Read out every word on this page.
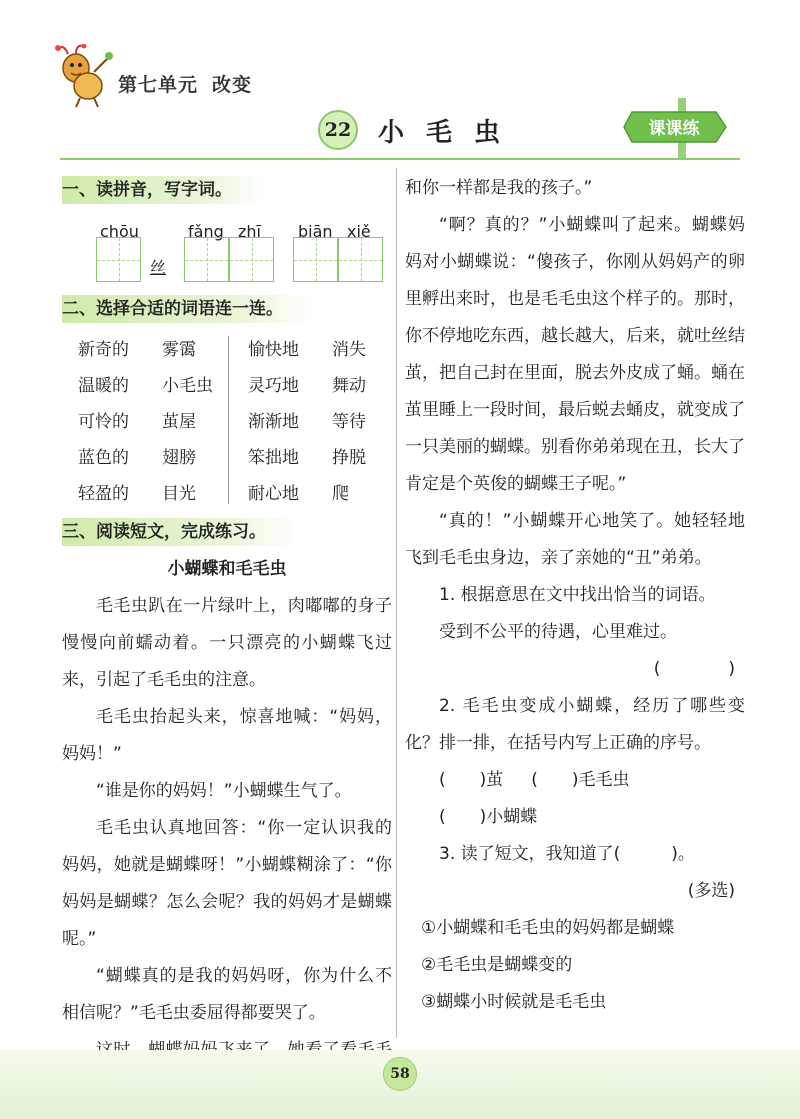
第七单元 改变
22 小毛虫	课课练
一、读拼音，写字词。
chōu
丝
fǎng zhī biān xiě
二、选择合适的词语连一连。
新奇的
温暖的
可怜的
蓝色的
轻盈的
雾霭
小毛虫
茧屋
翅膀
目光
愉快地
灵巧地
渐渐地
笨拙地
耐心地
消失
舞动
等待
挣脱
爬
三、阅读短文，完成练习。
小蝴蝶和毛毛虫

毛毛虫趴在一片绿叶上，肉嘟嘟的身子慢慢向前蠕动着。一只漂亮的小蝴蝶飞过来，引起了毛毛虫的注意。

毛毛虫抬起头来，惊喜地喊：“妈妈，妈妈！”

“谁是你的妈妈！”小蝴蝶生气了。

毛毛虫认真地回答：“你一定认识我的妈妈，她就是蝴蝶呀！”小蝴蝶糊涂了：“你妈妈是蝴蝶？怎么会呢？我的妈妈才是蝴蝶呢。”

“蝴蝶真的是我的妈妈呀，你为什么不相信呢？”毛毛虫委屈得都要哭了。

和你一样都是我的孩子。”

“啊？真的？”小蝴蝶叫了起来。蝴蝶妈妈对小蝴蝶说：“傻孩子，你刚从妈妈产的卵里孵出来时，也是毛毛虫这个样子的。那时，你不停地吃东西，越长越大，后来，就吐丝结茧，把自己封在里面，脱去外皮成了蛹。蛹在茧里睡上一段时间，最后蜕去蛹皮，就变成了一只美丽的蝴蝶。别看你弟弟现在丑，长大了肯定是个英俊的蝴蝶王子呢。”

“真的！”小蝴蝶开心地笑了。她轻轻地飞到毛毛虫身边，亲了亲她的“丑”弟弟。

1. 根据意思在文中找出恰当的词语。

受到不公平的待遇，心里难过。

(　　　　)

2. 毛毛虫变成小蝴蝶，经历了哪些变化？排一排，在括号内写上正确的序号。

(　　)茧 (　　)毛毛虫

(　　)小蝴蝶

3. 读了短文，我知道了(　　　)。

(多选)

①小蝴蝶和毛毛虫的妈妈都是蝴蝶

②毛毛虫是蝴蝶变的

③蝴蝶小时候就是毛毛虫

58
